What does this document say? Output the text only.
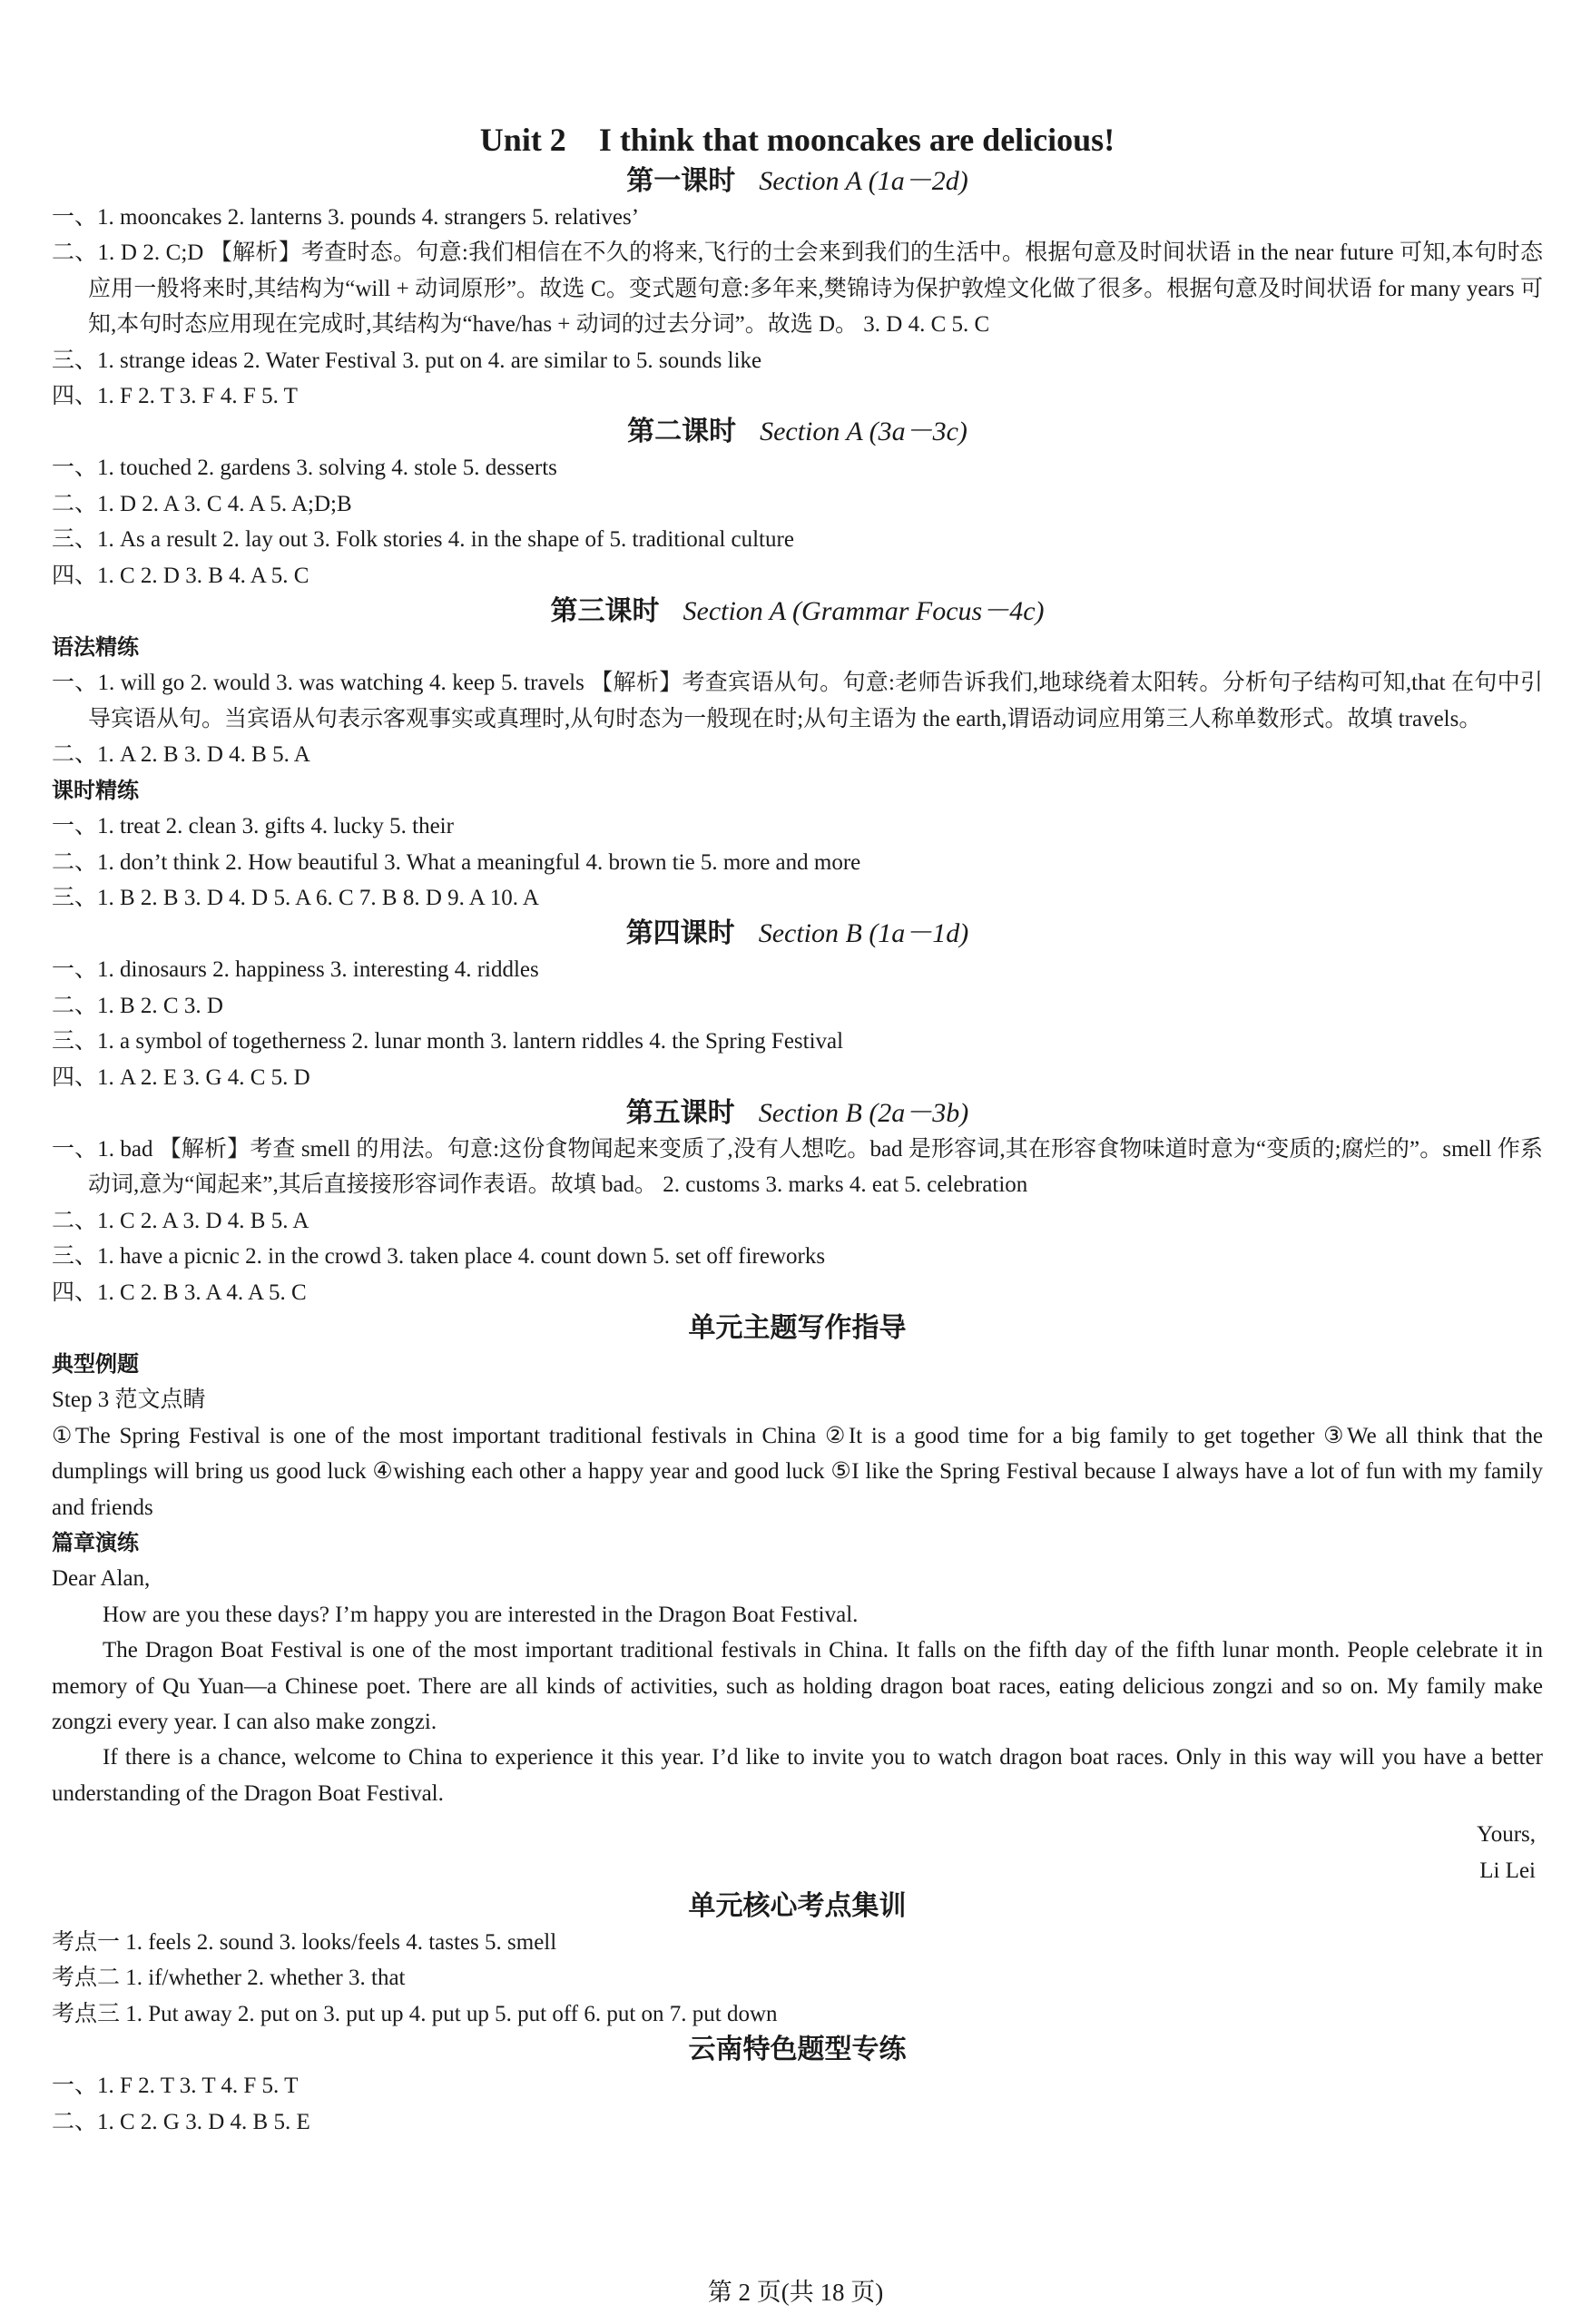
Unit 2 I think that mooncakes are delicious!
第一课时 Section A (1a－2d)

一、1. mooncakes 2. lanterns 3. pounds 4. strangers 5. relatives’

二、1. D 2. C;D 【解析】考查时态。句意:我们相信在不久的将来,飞行的士会来到我们的生活中。根据句意及时间状语 in the near future 可知,本句时态应用一般将来时,其结构为“will + 动词原形”。故选 C。变式题句意:多年来,樊锦诗为保护敦煌文化做了很多。根据句意及时间状语 for many years 可知,本句时态应用现在完成时,其结构为“have/has + 动词的过去分词”。故选 D。 3. D 4. C 5. C

三、1. strange ideas 2. Water Festival 3. put on 4. are similar to 5. sounds like

四、1. F 2. T 3. F 4. F 5. T

第二课时 Section A (3a－3c)

一、1. touched 2. gardens 3. solving 4. stole 5. desserts

二、1. D 2. A 3. C 4. A 5. A;D;B

三、1. As a result 2. lay out 3. Folk stories 4. in the shape of 5. traditional culture

四、1. C 2. D 3. B 4. A 5. C

第三课时 Section A (Grammar Focus－4c)

语法精练

一、1. will go 2. would 3. was watching 4. keep 5. travels 【解析】考查宾语从句。句意:老师告诉我们,地球绕着太阳转。分析句子结构可知,that 在句中引导宾语从句。当宾语从句表示客观事实或真理时,从句时态为一般现在时;从句主语为 the earth,谓语动词应用第三人称单数形式。故填 travels。

二、1. A 2. B 3. D 4. B 5. A

课时精练

一、1. treat 2. clean 3. gifts 4. lucky 5. their

二、1. don’t think 2. How beautiful 3. What a meaningful 4. brown tie 5. more and more

三、1. B 2. B 3. D 4. D 5. A 6. C 7. B 8. D 9. A 10. A

第四课时 Section B (1a－1d)

一、1. dinosaurs 2. happiness 3. interesting 4. riddles

二、1. B 2. C 3. D

三、1. a symbol of togetherness 2. lunar month 3. lantern riddles 4. the Spring Festival

四、1. A 2. E 3. G 4. C 5. D

第五课时 Section B (2a－3b)

一、1. bad 【解析】考查 smell 的用法。句意:这份食物闻起来变质了,没有人想吃。bad 是形容词,其在形容食物味道时意为“变质的;腐烂的”。smell 作系动词,意为“闻起来”,其后直接接形容词作表语。故填 bad。 2. customs 3. marks 4. eat 5. celebration

二、1. C 2. A 3. D 4. B 5. A

三、1. have a picnic 2. in the crowd 3. taken place 4. count down 5. set off fireworks

四、1. C 2. B 3. A 4. A 5. C

单元主题写作指导

典型例题

Step 3 范文点睛

①The Spring Festival is one of the most important traditional festivals in China ②It is a good time for a big family to get together ③We all think that the dumplings will bring us good luck ④wishing each other a happy year and good luck ⑤I like the Spring Festival because I always have a lot of fun with my family and friends

篇章演练

Dear Alan,

How are you these days? I’m happy you are interested in the Dragon Boat Festival.

The Dragon Boat Festival is one of the most important traditional festivals in China. It falls on the fifth day of the fifth lunar month. People celebrate it in memory of Qu Yuan—a Chinese poet. There are all kinds of activities, such as holding dragon boat races, eating delicious zongzi and so on. My family make zongzi every year. I can also make zongzi.

If there is a chance, welcome to China to experience it this year. I’d like to invite you to watch dragon boat races. Only in this way will you have a better understanding of the Dragon Boat Festival.

Yours,

Li Lei

单元核心考点集训

考点一 1. feels 2. sound 3. looks/feels 4. tastes 5. smell

考点二 1. if/whether 2. whether 3. that

考点三 1. Put away 2. put on 3. put up 4. put up 5. put off 6. put on 7. put down

云南特色题型专练

一、1. F 2. T 3. T 4. F 5. T

二、1. C 2. G 3. D 4. B 5. E

第 2 页(共 18 页)
